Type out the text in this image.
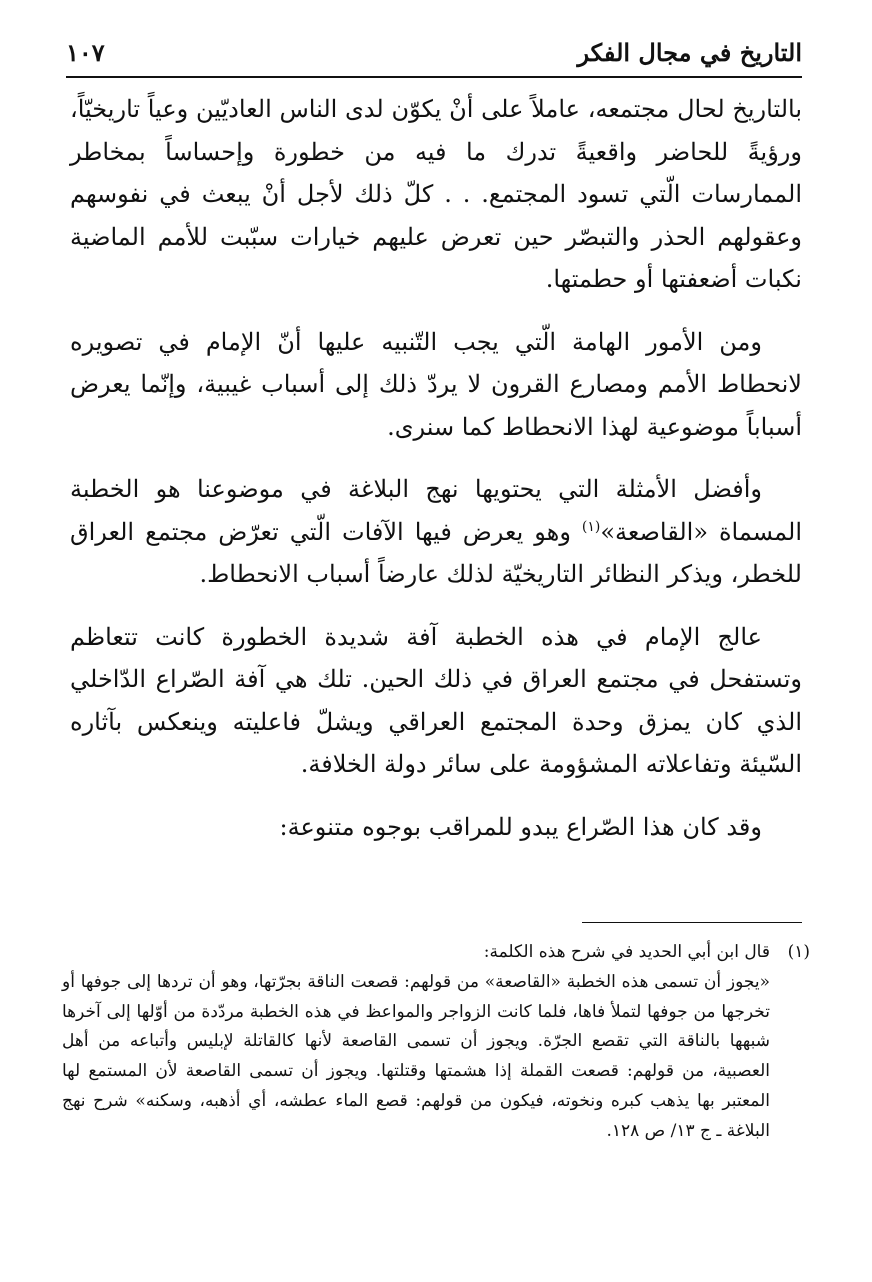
التاريخ في مجال الفكر
١٠٧

بالتاريخ لحال مجتمعه، عاملاً على أنْ يكوّن لدى الناس العاديّين وعياً تاريخيّاً، ورؤيةً للحاضر واقعيةً تدرك ما فيه من خطورة وإحساساً بمخاطر الممارسات الّتي تسود المجتمع. . . كلّ ذلك لأجل أنْ يبعث في نفوسهم وعقولهم الحذر والتبصّر حين تعرض عليهم خيارات سبّبت للأمم الماضية نكبات أضعفتها أو حطمتها.

ومن الأمور الهامة الّتي يجب التّنبيه عليها أنّ الإمام في تصويره لانحطاط الأمم ومصارع القرون لا يردّ ذلك إلى أسباب غيبية، وإنّما يعرض أسباباً موضوعية لهذا الانحطاط كما سنرى.

وأفضل الأمثلة التي يحتويها نهج البلاغة في موضوعنا هو الخطبة المسماة «القاصعة»$^{(١)}$ وهو يعرض فيها الآفات الّتي تعرّض مجتمع العراق للخطر، ويذكر النظائر التاريخيّة لذلك عارضاً أسباب الانحطاط.

عالج الإمام في هذه الخطبة آفة شديدة الخطورة كانت تتعاظم وتستفحل في مجتمع العراق في ذلك الحين. تلك هي آفة الصّراع الدّاخلي الذي كان يمزق وحدة المجتمع العراقي ويشلّ فاعليته وينعكس بآثاره السّيئة وتفاعلاته المشؤومة على سائر دولة الخلافة.

وقد كان هذا الصّراع يبدو للمراقب بوجوه متنوعة:

(١)
قال ابن أبي الحديد في شرح هذه الكلمة:
«يجوز أن تسمى هذه الخطبة «القاصعة» من قولهم: قصعت الناقة بجرّتها، وهو أن تردها إلى جوفها أو تخرجها من جوفها لتملأ فاها، فلما كانت الزواجر والمواعظ في هذه الخطبة مردّدة من أوّلها إلى آخرها شبهها بالناقة التي تقصع الجرّة. ويجوز أن تسمى القاصعة لأنها كالقاتلة لإبليس وأتباعه من أهل العصبية، من قولهم: قصعت القملة إذا هشمتها وقتلتها. ويجوز أن تسمى القاصعة لأن المستمع لها المعتبر بها يذهب كبره ونخوته، فيكون من قولهم: قصع الماء عطشه، أي أذهبه، وسكنه» شرح نهج البلاغة ـ ج ١٣/ ص ١٢٨.
